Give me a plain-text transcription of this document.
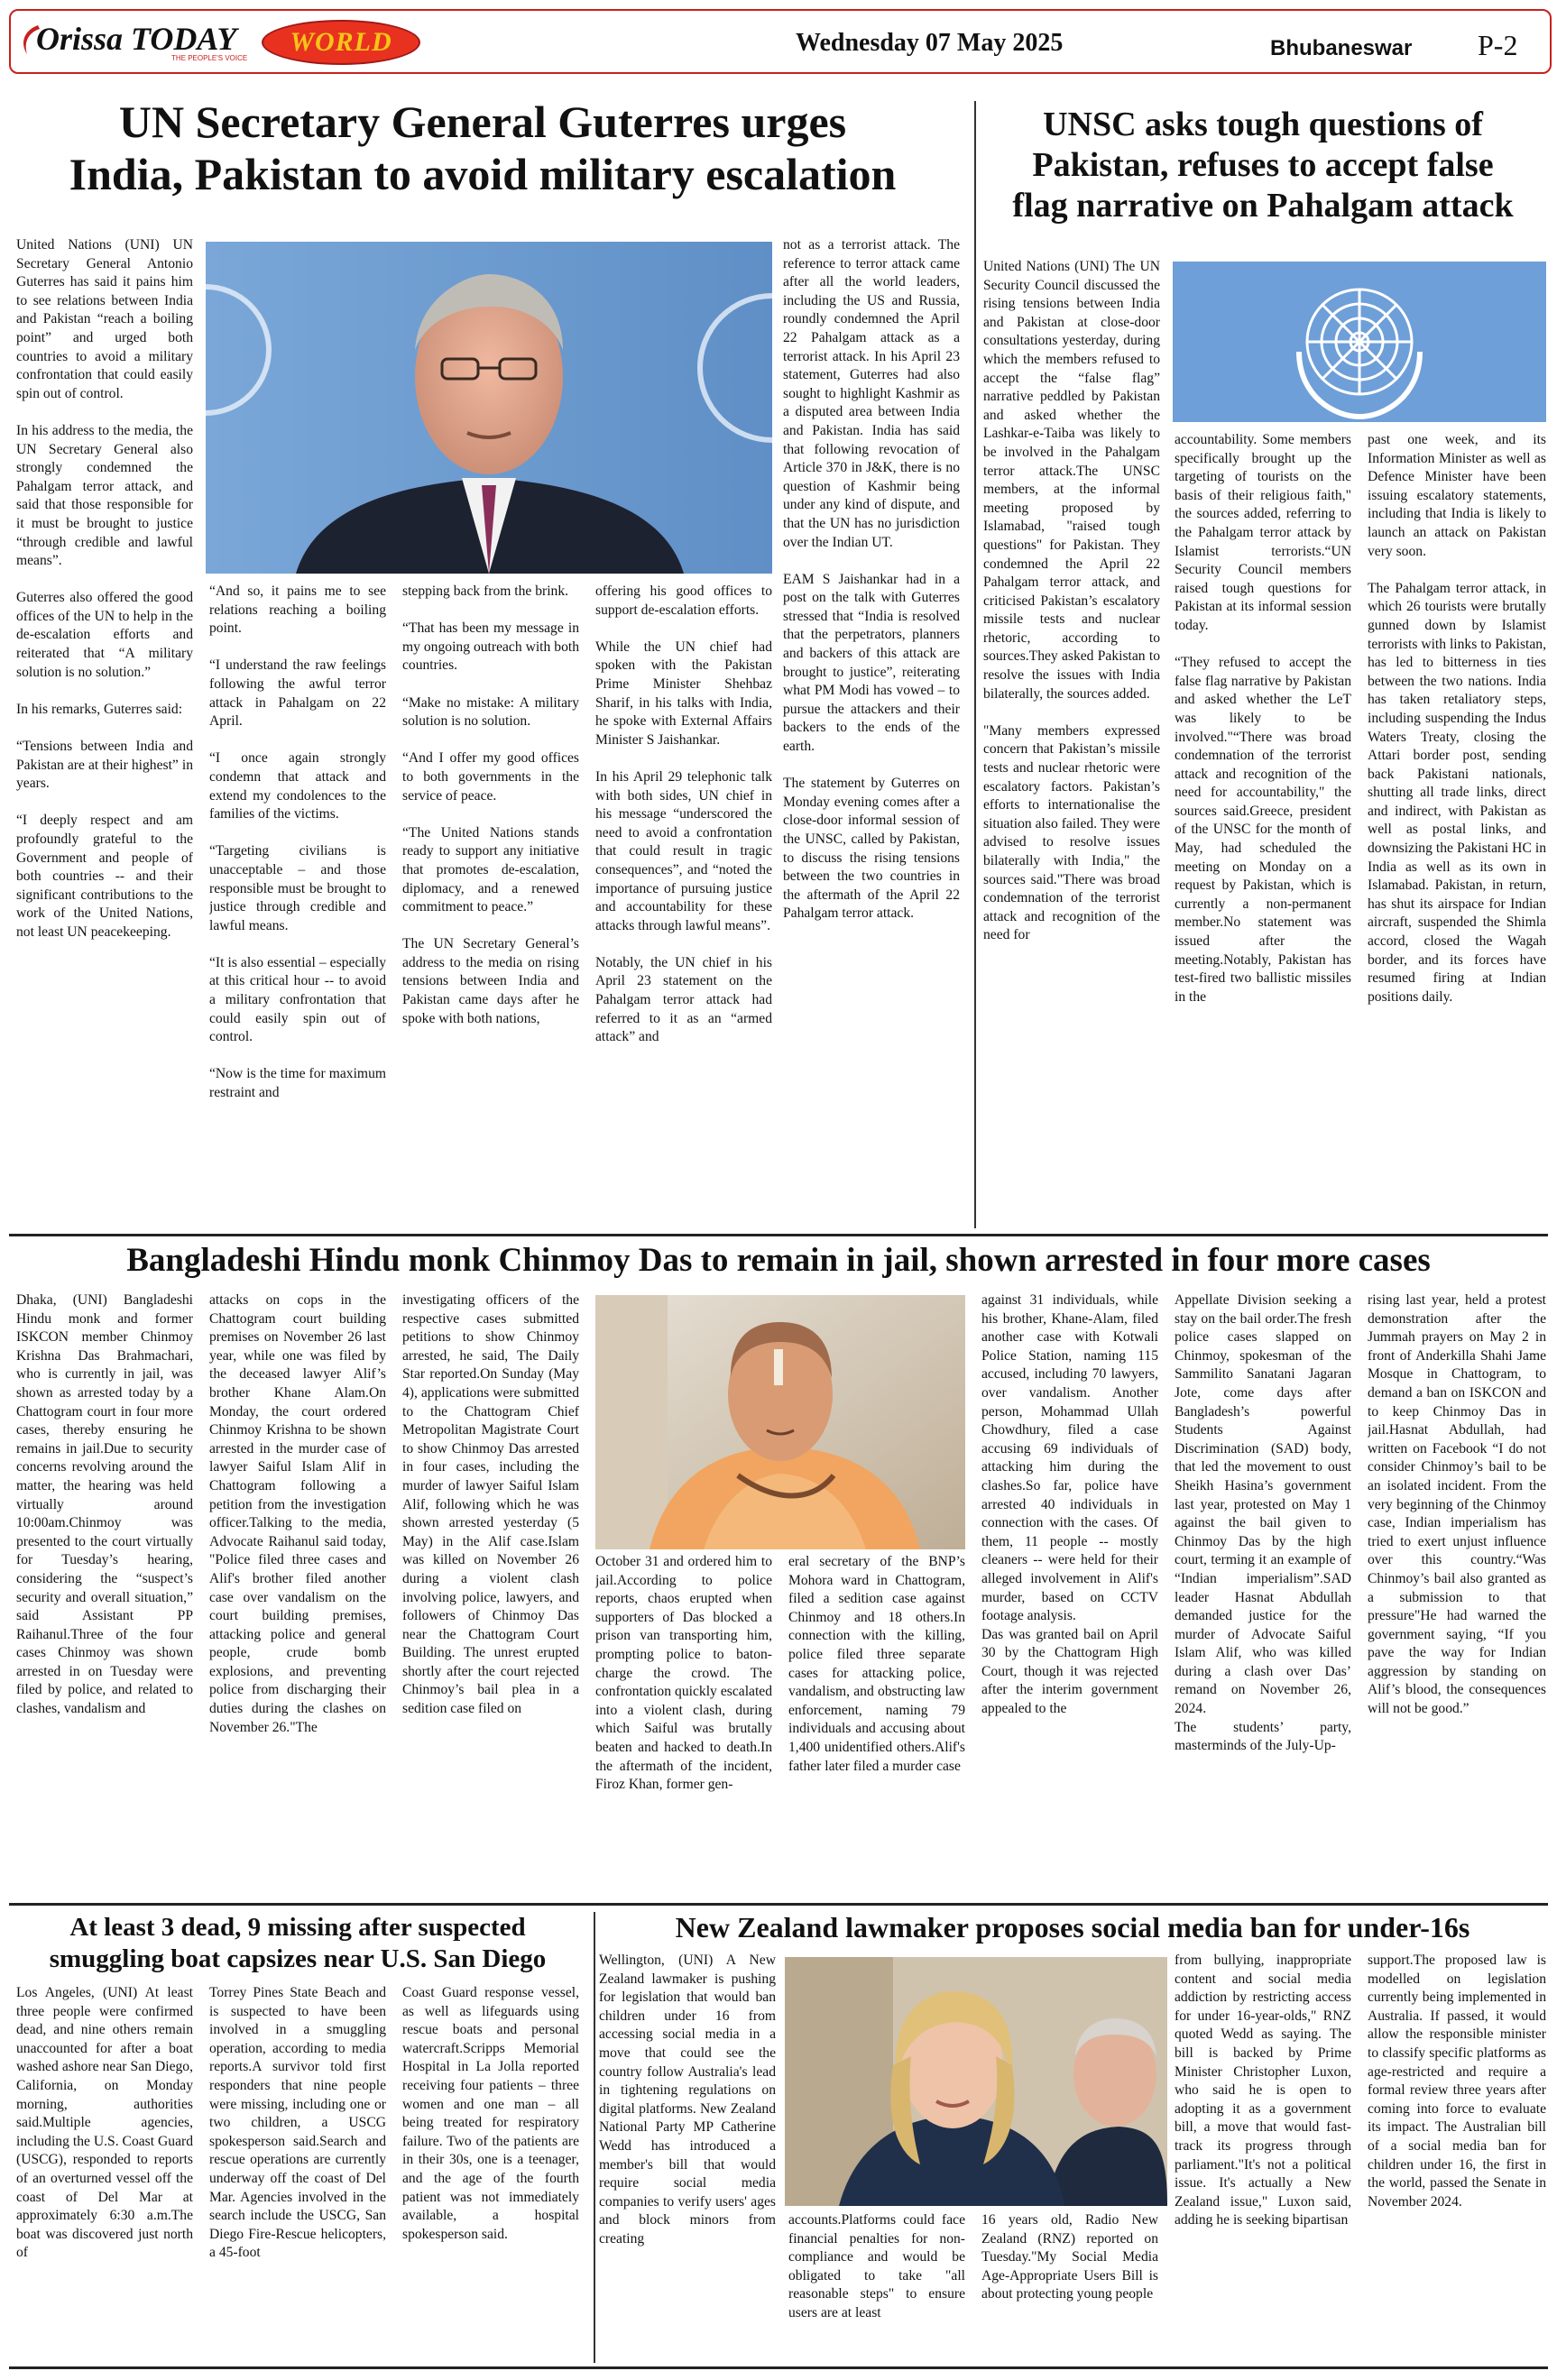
Orissa TODAY
THE PEOPLE'S VOICE
WORLD	Wednesday 07 May 2025	Bhubaneswar P-2
UN Secretary General Guterres urges
India, Pakistan to avoid military escalation

United Nations (UNI) UN Secretary General Antonio Guterres has said it pains him to see relations between India and Pakistan “reach a boiling point” and urged both countries to avoid a military confrontation that could easily spin out of control.

In his address to the media, the UN Secretary General also strongly condemned the Pahalgam terror attack, and said that those responsible for it must be brought to justice “through credible and lawful means”.

Guterres also offered the good offices of the UN to help in the de-escalation efforts and reiterated that “A military solution is no solution.”

In his remarks, Guterres said:

“Tensions between India and Pakistan are at their highest” in years.

“I deeply respect and am profoundly grateful to the Government and people of both countries -- and their significant contributions to the work of the United Nations, not least UN peacekeeping.

“And so, it pains me to see relations reaching a boiling point.

“I understand the raw feelings following the awful terror attack in Pahalgam on 22 April.

“I once again strongly condemn that attack and extend my condolences to the families of the victims.

“Targeting civilians is unacceptable – and those responsible must be brought to justice through credible and lawful means.

“It is also essential – especially at this critical hour -- to avoid a military confrontation that could easily spin out of control.

“Now is the time for maximum restraint and

stepping back from the brink.

“That has been my message in my ongoing outreach with both countries.

“Make no mistake: A military solution is no solution.

“And I offer my good offices to both governments in the service of peace.

“The United Nations stands ready to support any initiative that promotes de-escalation, diplomacy, and a renewed commitment to peace.”

The UN Secretary General’s address to the media on rising tensions between India and Pakistan came days after he spoke with both nations,

offering his good offices to support de-escalation efforts.

While the UN chief had spoken with the Pakistan Prime Minister Shehbaz Sharif, in his talks with India, he spoke with External Affairs Minister S Jaishankar.

In his April 29 telephonic talk with both sides, UN chief in his message “underscored the need to avoid a confrontation that could result in tragic consequences”, and “noted the importance of pursuing justice and accountability for these attacks through lawful means”.

Notably, the UN chief in his April 23 statement on the Pahalgam terror attack had referred to it as an “armed attack” and

not as a terrorist attack. The reference to terror attack came after all the world leaders, including the US and Russia, roundly condemned the April 22 Pahalgam attack as a terrorist attack. In his April 23 statement, Guterres had also sought to highlight Kashmir as a disputed area between India and Pakistan. India has said that following revocation of Article 370 in J&K, there is no question of Kashmir being under any kind of dispute, and that the UN has no jurisdiction over the Indian UT.

EAM S Jaishankar had in a post on the talk with Guterres stressed that “India is resolved that the perpetrators, planners and backers of this attack are brought to justice”, reiterating what PM Modi has vowed – to pursue the attackers and their backers to the ends of the earth.

The statement by Guterres on Monday evening comes after a close-door informal session of the UNSC, called by Pakistan, to discuss the rising tensions between the two countries in the aftermath of the April 22 Pahalgam terror attack.

UNSC asks tough questions of
Pakistan, refuses to accept false
flag narrative on Pahalgam attack

United Nations (UNI) The UN Security Council discussed the rising tensions between India and Pakistan at close-door consultations yesterday, during which the members refused to accept the “false flag” narrative peddled by Pakistan and asked whether the Lashkar-e-Taiba was likely to be involved in the Pahalgam terror attack.The UNSC members, at the informal meeting proposed by Islamabad, "raised tough questions" for Pakistan. They condemned the April 22 Pahalgam terror attack, and criticised Pakistan’s escalatory missile tests and nuclear rhetoric, according to sources.They asked Pakistan to resolve the issues with India bilaterally, the sources added.

"Many members expressed concern that Pakistan’s missile tests and nuclear rhetoric were escalatory factors. Pakistan’s efforts to internationalise the situation also failed. They were advised to resolve issues bilaterally with India," the sources said."There was broad condemnation of the terrorist attack and recognition of the need for

accountability. Some members specifically brought up the targeting of tourists on the basis of their religious faith," the sources added, referring to the Pahalgam terror attack by Islamist terrorists.“UN Security Council members raised tough questions for Pakistan at its informal session today.

“They refused to accept the false flag narrative by Pakistan and asked whether the LeT was likely to be involved."“There was broad condemnation of the terrorist attack and recognition of the need for accountability," the sources said.Greece, president of the UNSC for the month of May, had scheduled the meeting on Monday on a request by Pakistan, which is currently a non-permanent member.No statement was issued after the meeting.Notably, Pakistan has test-fired two ballistic missiles in the

past one week, and its Information Minister as well as Defence Minister have been issuing escalatory statements, including that India is likely to launch an attack on Pakistan very soon.

The Pahalgam terror attack, in which 26 tourists were brutally gunned down by Islamist terrorists with links to Pakistan, has led to bitterness in ties between the two nations. India has taken retaliatory steps, including suspending the Indus Waters Treaty, closing the Attari border post, sending back Pakistani nationals, shutting all trade links, direct and indirect, with Pakistan as well as postal links, and downsizing the Pakistani HC in India as well as its own in Islamabad. Pakistan, in return, has shut its airspace for Indian aircraft, suspended the Shimla accord, closed the Wagah border, and its forces have resumed firing at Indian positions daily.

Bangladeshi Hindu monk Chinmoy Das to remain in jail, shown arrested in four more cases

Dhaka, (UNI) Bangladeshi Hindu monk and former ISKCON member Chinmoy Krishna Das Brahmachari, who is currently in jail, was shown as arrested today by a Chattogram court in four more cases, thereby ensuring he remains in jail.Due to security concerns revolving around the matter, the hearing was held virtually around 10:00am.Chinmoy was presented to the court virtually for Tuesday’s hearing, considering the “suspect’s security and overall situation,” said Assistant PP Raihanul.Three of the four cases Chinmoy was shown arrested in on Tuesday were filed by police, and related to clashes, vandalism and

attacks on cops in the Chattogram court building premises on November 26 last year, while one was filed by the deceased lawyer Alif’s brother Khane Alam.On Monday, the court ordered Chinmoy Krishna to be shown arrested in the murder case of lawyer Saiful Islam Alif in Chattogram following a petition from the investigation officer.Talking to the media, Advocate Raihanul said today, "Police filed three cases and Alif's brother filed another case over vandalism on the court building premises, attacking police and general people, crude bomb explosions, and preventing police from discharging their duties during the clashes on November 26."The

investigating officers of the respective cases submitted petitions to show Chinmoy arrested, he said, The Daily Star reported.On Sunday (May 4), applications were submitted to the Chattogram Chief Metropolitan Magistrate Court to show Chinmoy Das arrested in four cases, including the murder of lawyer Saiful Islam Alif, following which he was shown arrested yesterday (5 May) in the Alif case.Islam was killed on November 26 during a violent clash involving police, lawyers, and followers of Chinmoy Das near the Chattogram Court Building. The unrest erupted shortly after the court rejected Chinmoy’s bail plea in a sedition case filed on

October 31 and ordered him to jail.According to police reports, chaos erupted when supporters of Das blocked a prison van transporting him, prompting police to baton-charge the crowd. The confrontation quickly escalated into a violent clash, during which Saiful was brutally beaten and hacked to death.In the aftermath of the incident, Firoz Khan, former gen-

eral secretary of the BNP’s Mohora ward in Chattogram, filed a sedition case against Chinmoy and 18 others.In connection with the killing, police filed three separate cases for attacking police, vandalism, and obstructing law enforcement, naming 79 individuals and accusing about 1,400 unidentified others.Alif's father later filed a murder case

against 31 individuals, while his brother, Khane-Alam, filed another case with Kotwali Police Station, naming 115 accused, including 70 lawyers, over vandalism. Another person, Mohammad Ullah Chowdhury, filed a case accusing 69 individuals of attacking him during the clashes.So far, police have arrested 40 individuals in connection with the cases. Of them, 11 people -- mostly cleaners -- were held for their alleged involvement in Alif's murder, based on CCTV footage analysis.
Das was granted bail on April 30 by the Chattogram High Court, though it was rejected after the interim government appealed to the

Appellate Division seeking a stay on the bail order.The fresh police cases slapped on Chinmoy, spokesman of the Sammilito Sanatani Jagaran Jote, come days after Bangladesh’s powerful Students Against Discrimination (SAD) body, that led the movement to oust Sheikh Hasina’s government last year, protested on May 1 against the bail given to Chinmoy Das by the high court, terming it an example of “Indian imperialism”.SAD leader Hasnat Abdullah demanded justice for the murder of Advocate Saiful Islam Alif, who was killed during a clash over Das’ remand on November 26, 2024.
The students’ party, masterminds of the July-Up-

rising last year, held a protest demonstration after the Jummah prayers on May 2 in front of Anderkilla Shahi Jame Mosque in Chattogram, to demand a ban on ISKCON and to keep Chinmoy Das in jail.Hasnat Abdullah, had written on Facebook “I do not consider Chinmoy’s bail to be an isolated incident. From the very beginning of the Chinmoy case, Indian imperialism has tried to exert unjust influence over this country.“Was Chinmoy’s bail also granted as a submission to that pressure"He had warned the government saying, “If you pave the way for Indian aggression by standing on Alif’s blood, the consequences will not be good.”

At least 3 dead, 9 missing after suspected
smuggling boat capsizes near U.S. San Diego

Los Angeles, (UNI) At least three people were confirmed dead, and nine others remain unaccounted for after a boat washed ashore near San Diego, California, on Monday morning, authorities said.Multiple agencies, including the U.S. Coast Guard (USCG), responded to reports of an overturned vessel off the coast of Del Mar at approximately 6:30 a.m.The boat was discovered just north of

Torrey Pines State Beach and is suspected to have been involved in a smuggling operation, according to media reports.A survivor told first responders that nine people were missing, including one or two children, a USCG spokesperson said.Search and rescue operations are currently underway off the coast of Del Mar. Agencies involved in the search include the USCG, San Diego Fire-Rescue helicopters, a 45-foot

Coast Guard response vessel, as well as lifeguards using rescue boats and personal watercraft.Scripps Memorial Hospital in La Jolla reported receiving four patients – three women and one man – all being treated for respiratory failure. Two of the patients are in their 30s, one is a teenager, and the age of the fourth patient was not immediately available, a hospital spokesperson said.

New Zealand lawmaker proposes social media ban for under-16s

Wellington, (UNI) A New Zealand lawmaker is pushing for legislation that would ban children under 16 from accessing social media in a move that could see the country follow Australia's lead in tightening regulations on digital platforms. New Zealand National Party MP Catherine Wedd has introduced a member's bill that would require social media companies to verify users' ages and block minors from creating

accounts.Platforms could face financial penalties for non-compliance and would be obligated to take "all reasonable steps" to ensure users are at least

16 years old, Radio New Zealand (RNZ) reported on Tuesday."My Social Media Age-Appropriate Users Bill is about protecting young people

from bullying, inappropriate content and social media addiction by restricting access for under 16-year-olds," RNZ quoted Wedd as saying. The bill is backed by Prime Minister Christopher Luxon, who said he is open to adopting it as a government bill, a move that would fast-track its progress through parliament."It's not a political issue. It's actually a New Zealand issue," Luxon said, adding he is seeking bipartisan

support.The proposed law is modelled on legislation currently being implemented in Australia. If passed, it would allow the responsible minister to classify specific platforms as age-restricted and require a formal review three years after coming into force to evaluate its impact. The Australian bill of a social media ban for children under 16, the first in the world, passed the Senate in November 2024.
